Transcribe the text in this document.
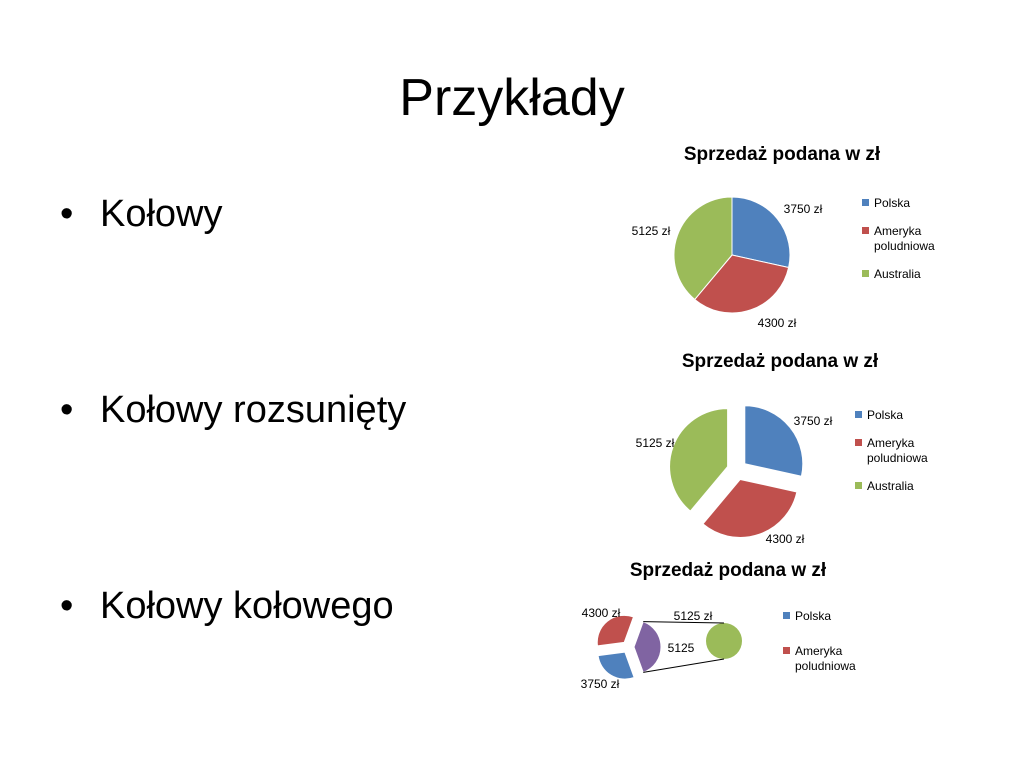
Przykłady
• Kołowy
• Kołowy rozsunięty
• Kołowy kołowego
Sprzedaż podana w zł
3750 zł
4300 zł
5125 zł
Polska
Ameryka poludniowa
Australia
Sprzedaż podana w zł
3750 zł
4300 zł
5125 zł
Polska
Ameryka poludniowa
Australia
Sprzedaż podana w zł
3750 zł
4300 zł	5125 zł
5125
Polska
Ameryka poludniowa
